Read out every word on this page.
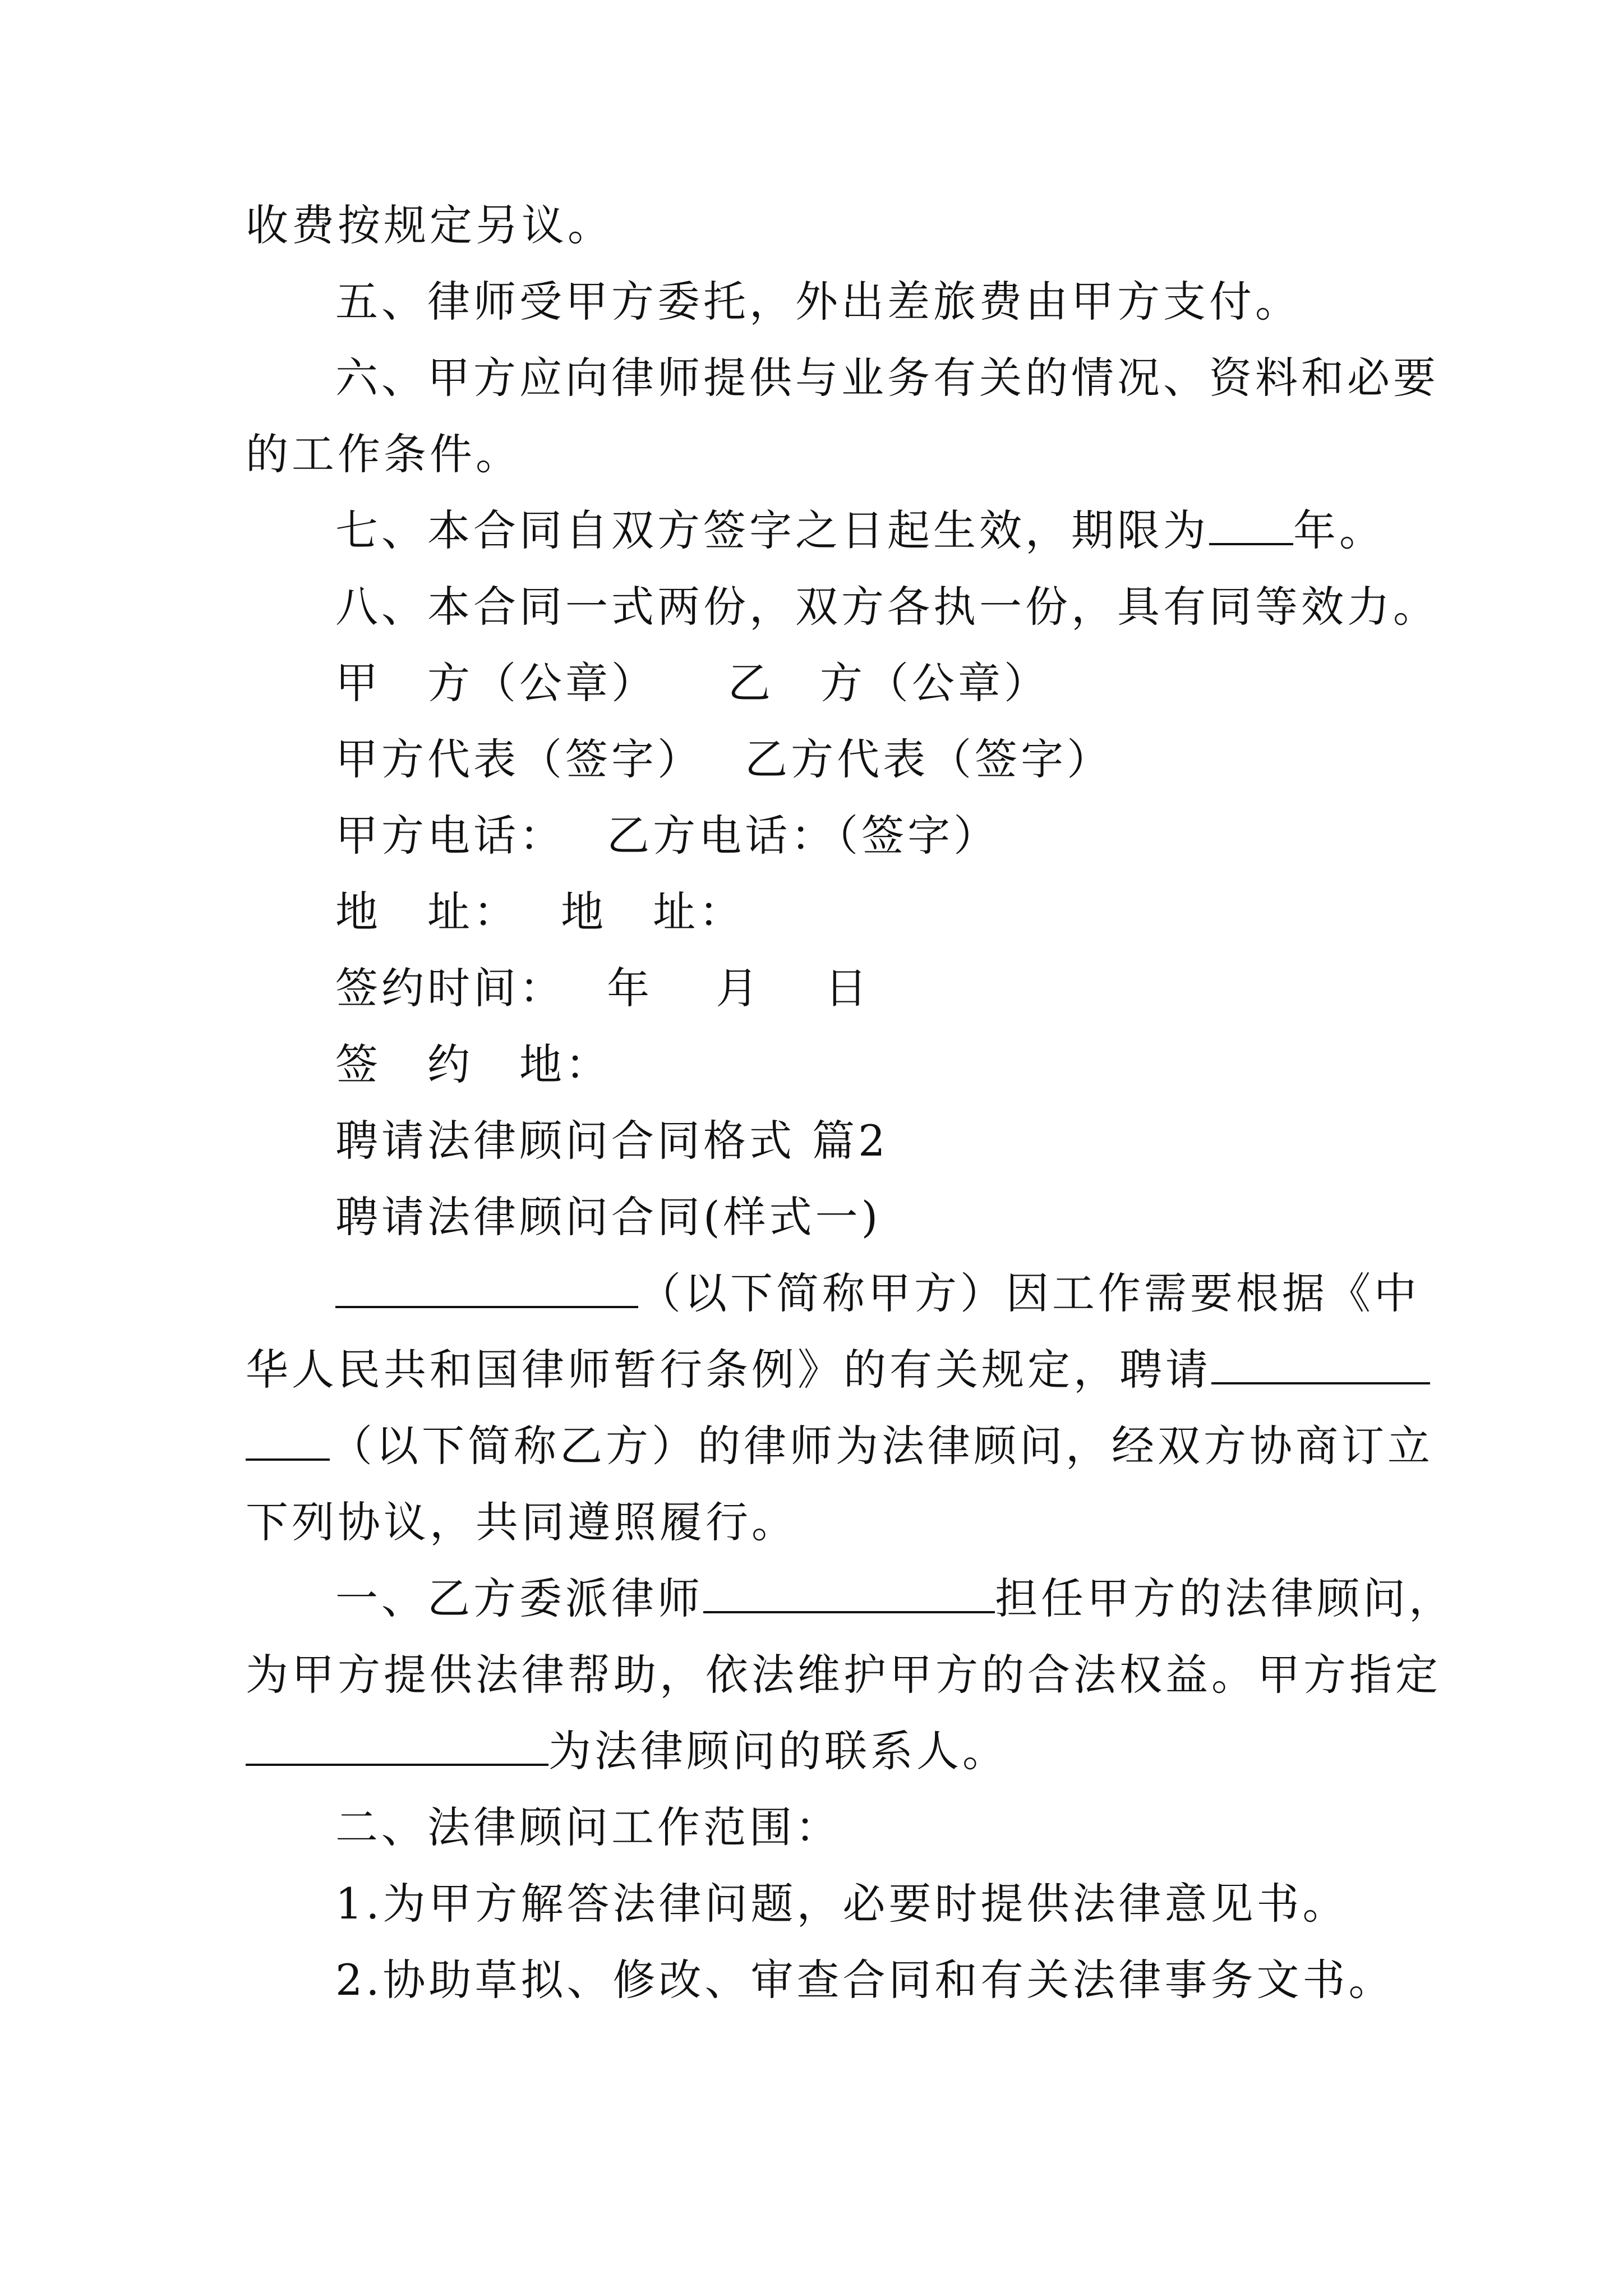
收费按规定另议。
五、律师受甲方委托，外出差旅费由甲方支付。
六、甲方应向律师提供与业务有关的情况、资料和必要
的工作条件。
七、本合同自双方签字之日起生效，期限为 年。
八、本合同一式两份，双方各执一份，具有同等效力。
甲　方（公章）　　乙　方（公章）
甲方代表（签字）　 乙方代表（签字）
甲方电话：　 乙方电话：（签字）
地　址：　 地　址：
签约时间：　 年　 月　 日
签　约　地：
聘请法律顾问合同格式 篇2
聘请法律顾问合同(样式一)
（以下简称甲方）因工作需要根据《中
华人民共和国律师暂行条例》的有关规定，聘请
（以下简称乙方）的律师为法律顾问，经双方协商订立
下列协议，共同遵照履行。
一、乙方委派律师	担任甲方的法律顾问，
为甲方提供法律帮助，依法维护甲方的合法权益。甲方指定
为法律顾问的联系人。
二、法律顾问工作范围：
1.为甲方解答法律问题，必要时提供法律意见书。
2.协助草拟、修改、审查合同和有关法律事务文书。
